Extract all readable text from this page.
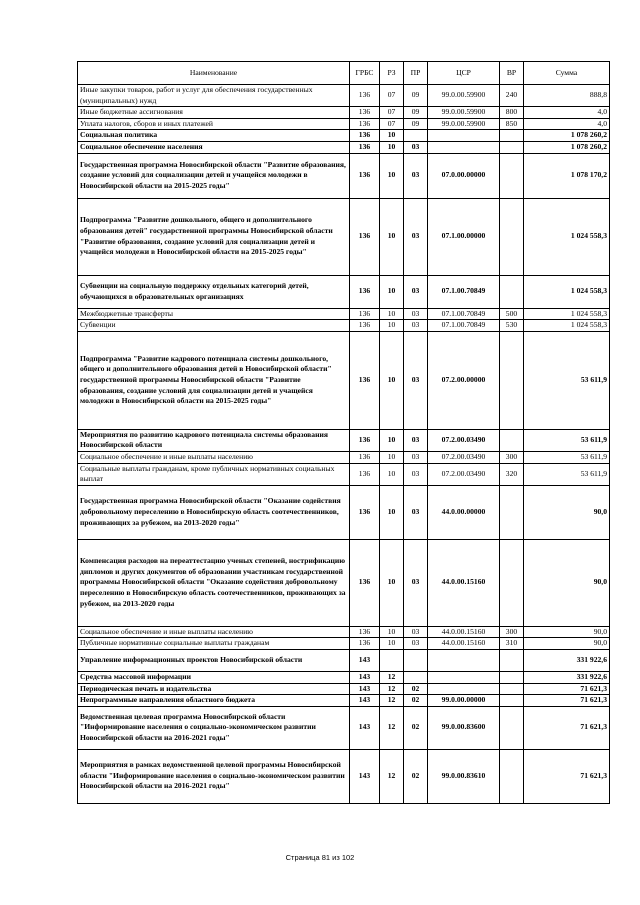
Наименование	ГРБС	РЗ	ПР	ЦСР	ВР	Сумма
Иные закупки товаров, работ и услуг для обеспечения государственных (муниципальных) нужд	136	07	09	99.0.00.59900	240	888,8
Иные бюджетные ассигнования	136	07	09	99.0.00.59900	800	4,0
Уплата налогов, сборов и иных платежей	136	07	09	99.0.00.59900	850	4,0
Социальная политика	136	10				1 078 260,2
Социальное обеспечение населения	136	10	03			1 078 260,2
Государственная программа Новосибирской области "Развитие образования, создание условий для социализации детей и учащейся молодежи в Новосибирской области на 2015-2025 годы"	136	10	03	07.0.00.00000		1 078 170,2
Подпрограмма "Развитие дошкольного, общего и дополнительного образования детей" государственной программы Новосибирской области "Развитие образования, создание условий для социализации детей и учащейся молодежи в Новосибирской области на 2015-2025 годы"	136	10	03	07.1.00.00000		1 024 558,3
Субвенции на социальную поддержку отдельных категорий детей, обучающихся в образовательных организациях	136	10	03	07.1.00.70849		1 024 558,3
Межбюджетные трансферты	136	10	03	07.1.00.70849	500	1 024 558,3
Субвенции	136	10	03	07.1.00.70849	530	1 024 558,3
Подпрограмма "Развитие кадрового потенциала системы дошкольного, общего и дополнительного образования детей в Новосибирской области" государственной программы Новосибирской области "Развитие образования, создание условий для социализации детей и учащейся молодежи в Новосибирской области на 2015-2025 годы"	136	10	03	07.2.00.00000		53 611,9
Мероприятия по развитию кадрового потенциала системы образования Новосибирской области	136	10	03	07.2.00.03490		53 611,9
Социальное обеспечение и иные выплаты населению	136	10	03	07.2.00.03490	300	53 611,9
Социальные выплаты гражданам, кроме публичных нормативных социальных выплат	136	10	03	07.2.00.03490	320	53 611,9
Государственная программа Новосибирской области "Оказание содействия добровольному переселению в Новосибирскую область соотечественников, проживающих за рубежом, на 2013-2020 годы"	136	10	03	44.0.00.00000		90,0
Компенсация расходов на переаттестацию ученых степеней, нострификацию дипломов и других документов об образовании участникам государственной программы Новосибирской области "Оказание содействия добровольному переселению в Новосибирскую область соотечественников, проживающих за рубежом, на 2013-2020 годы	136	10	03	44.0.00.15160		90,0
Социальное обеспечение и иные выплаты населению	136	10	03	44.0.00.15160	300	90,0
Публичные нормативные социальные выплаты гражданам	136	10	03	44.0.00.15160	310	90,0
Управление информационных проектов Новосибирской области	143					331 922,6
Средства массовой информации	143	12				331 922,6
Периодическая печать и издательства	143	12	02			71 621,3
Непрограммные направления областного бюджета	143	12	02	99.0.00.00000		71 621,3
Ведомственная целевая программа Новосибирской области "Информирование населения о социально-экономическом развитии Новосибирской области на 2016-2021 годы"	143	12	02	99.0.00.83600		71 621,3
Мероприятия в рамках ведомственной целевой программы Новосибирской области "Информирование населения о социально-экономическом развитии Новосибирской области на 2016-2021 годы"	143	12	02	99.0.00.83610		71 621,3
Страница 81 из 102
